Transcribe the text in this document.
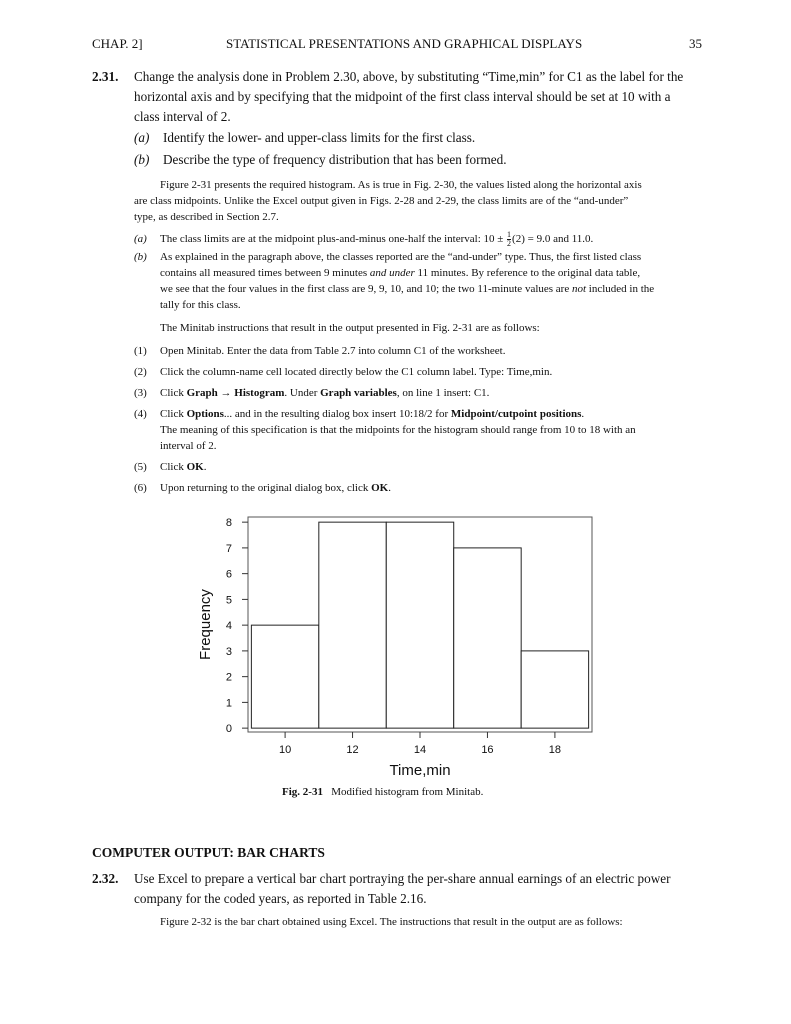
CHAP. 2]	STATISTICAL PRESENTATIONS AND GRAPHICAL DISPLAYS	35
2.31. Change the analysis done in Problem 2.30, above, by substituting “Time,min” for C1 as the label for the
horizontal axis and by specifying that the midpoint of the first class interval should be set at 10 with a
class interval of 2.
(a) Identify the lower- and upper-class limits for the first class.
(b) Describe the type of frequency distribution that has been formed.
Figure 2-31 presents the required histogram. As is true in Fig. 2-30, the values listed along the horizontal axis
are class midpoints. Unlike the Excel output given in Figs. 2-28 and 2-29, the class limits are of the “and-under”
type, as described in Section 2.7.
(a) The class limits are at the midpoint plus-and-minus one-half the interval: $10 \pm \frac{1}{2} (2) = 9.0$ and 11.0.
(b) As explained in the paragraph above, the classes reported are the “and-under” type. Thus, the first listed class
contains all measured times between 9 minutes and under 11 minutes. By reference to the original data table,
we see that the four values in the first class are 9, 9, 10, and 10; the two 11-minute values are not included in the
tally for this class.
The Minitab instructions that result in the output presented in Fig. 2-31 are as follows:
(1) Open Minitab. Enter the data from Table 2.7 into column C1 of the worksheet.
(2) Click the column-name cell located directly below the C1 column label. Type: Time,min.
(3) Click Graph → Histogram. Under Graph variables, on line 1 insert: C1.
(4) Click Options... and in the resulting dialog box insert 10:18/2 for Midpoint/cutpoint positions.
The meaning of this specification is that the midpoints for the histogram should range from 10 to 18 with an
interval of 2.
(5) Click OK.
(6) Upon returning to the original dialog box, click OK.
0
1
2
3
4
5
6
7
8
10	12	14	16	18
Frequency
Time,min
Fig. 2-31 Modified histogram from Minitab.
COMPUTER OUTPUT: BAR CHARTS
2.32. Use Excel to prepare a vertical bar chart portraying the per-share annual earnings of an electric power
company for the coded years, as reported in Table 2.16.
Figure 2-32 is the bar chart obtained using Excel. The instructions that result in the output are as follows:
